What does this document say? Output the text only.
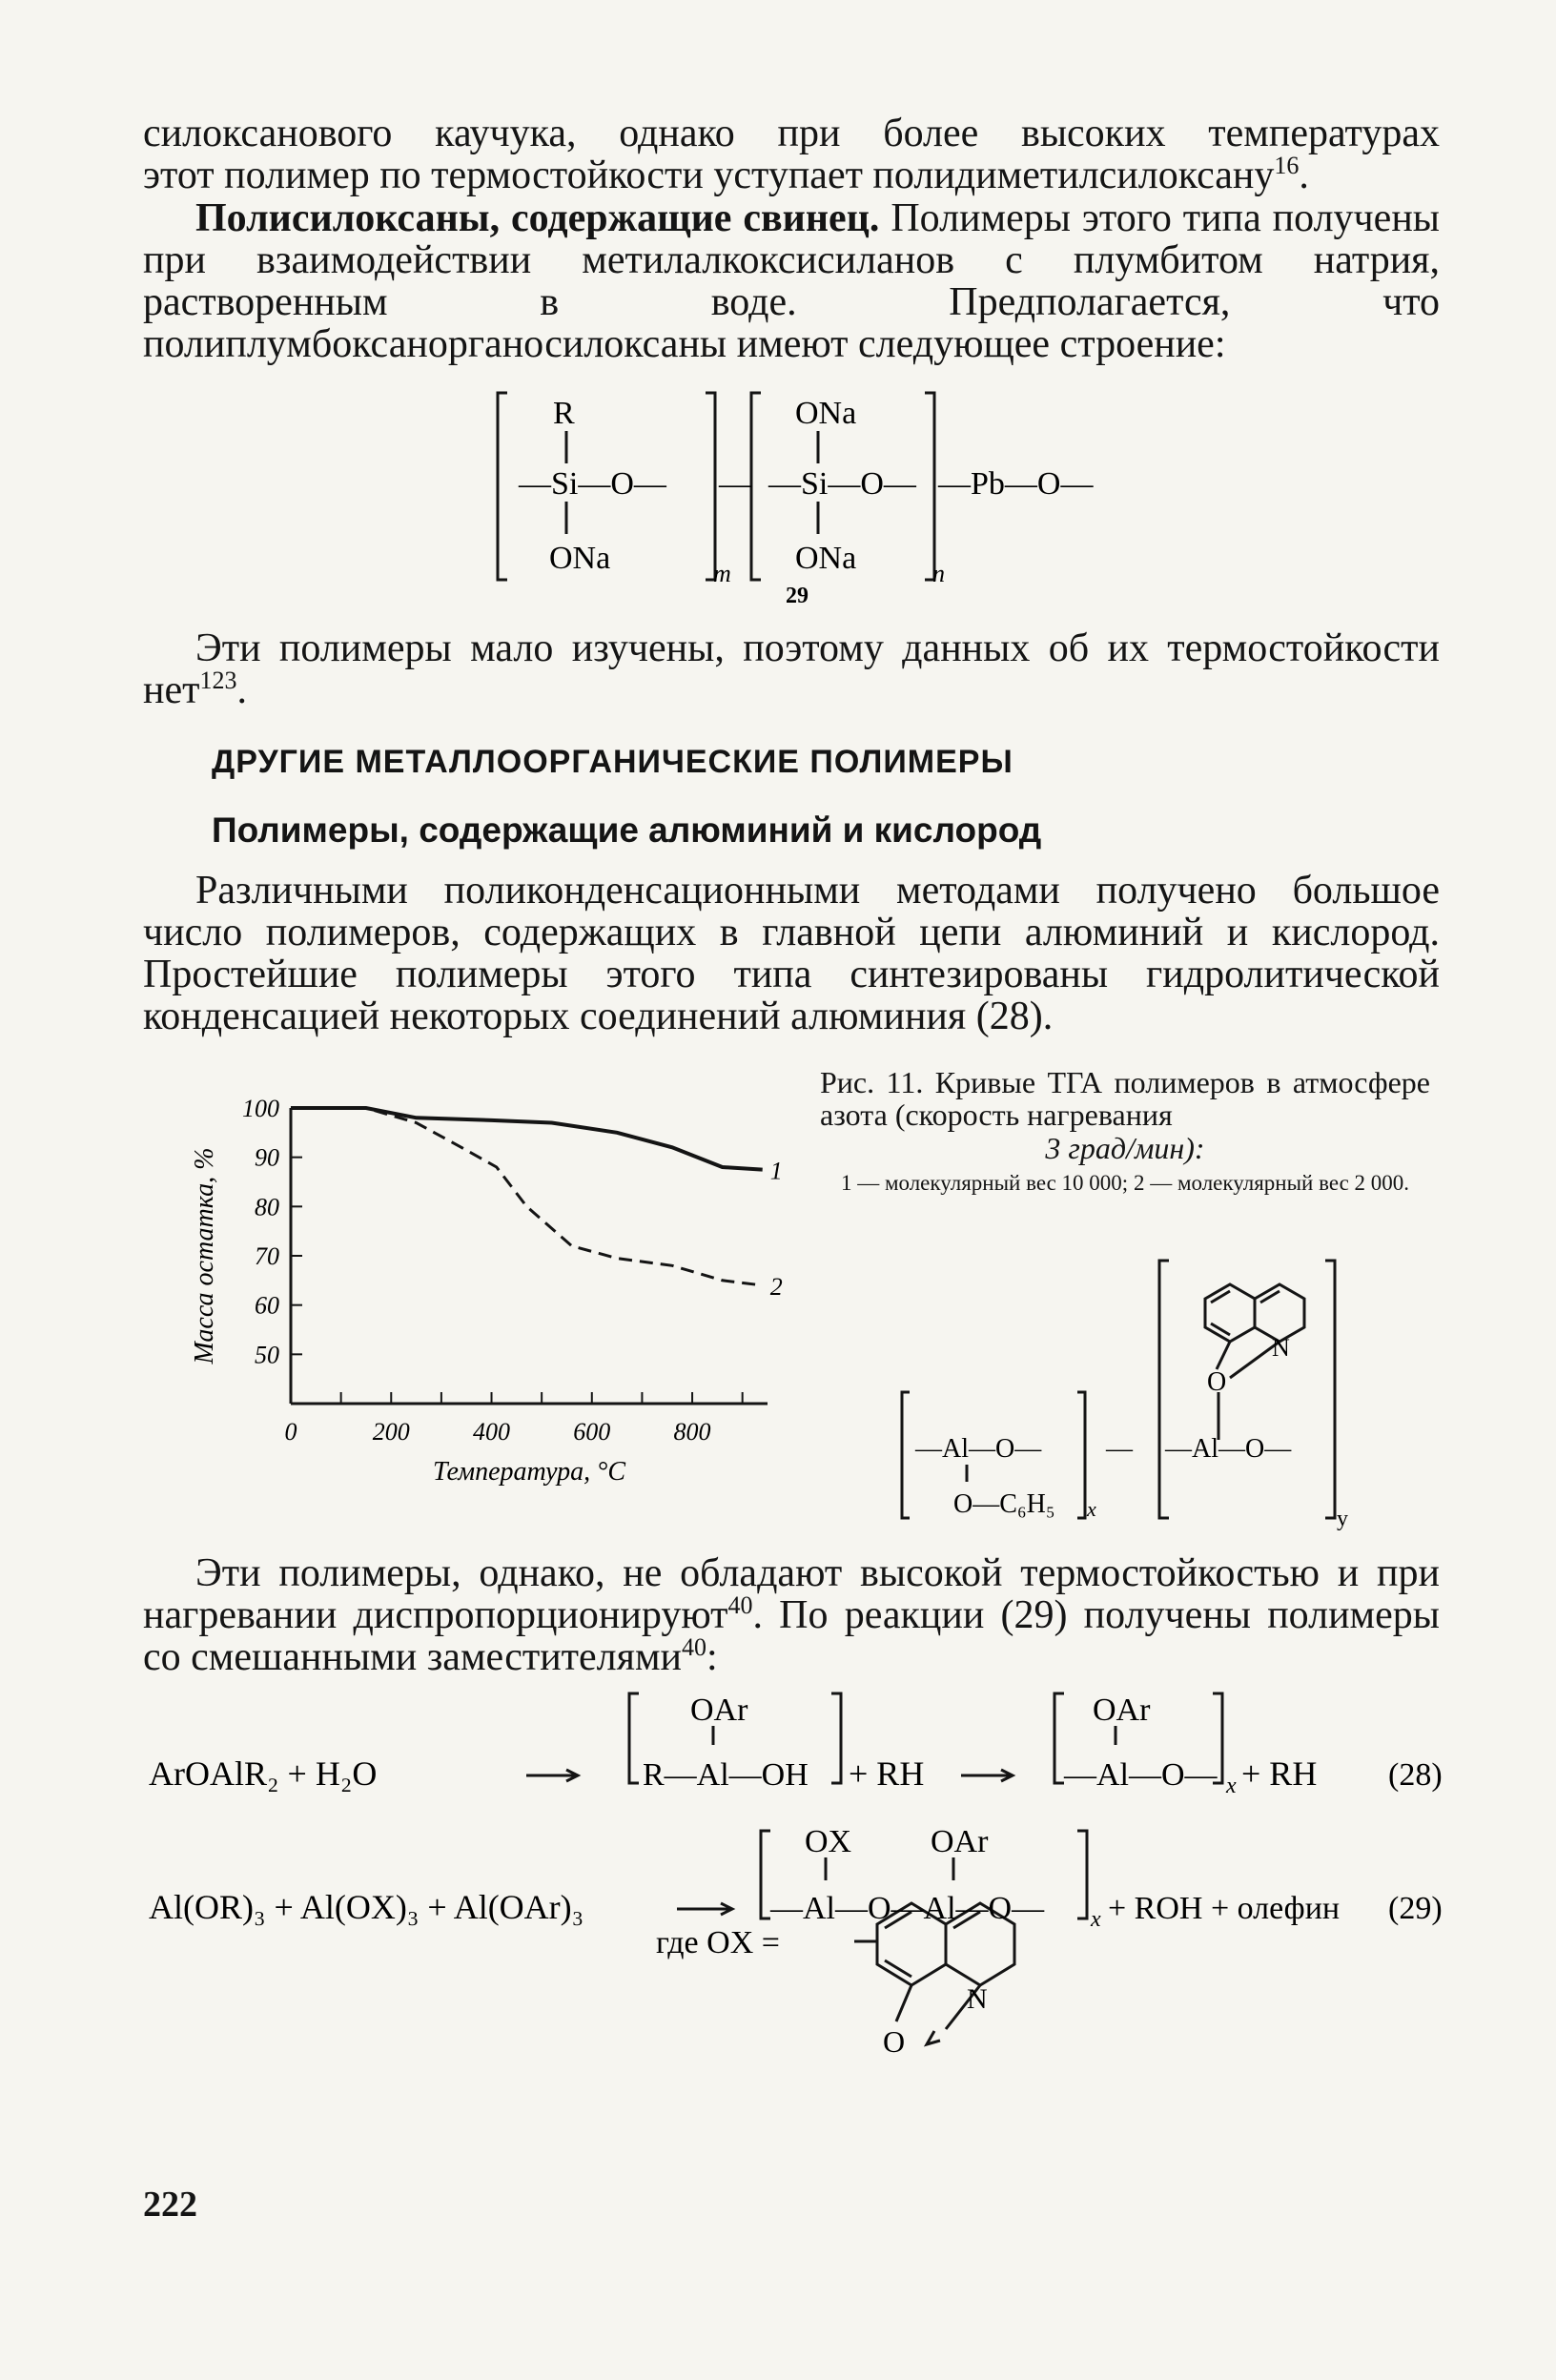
силоксанового каучука, однако при более высоких температурах
этот полимер по термостойкости уступает полидиметилсилоксану$^{16}$.
Полисилоксаны, содержащие свинец. Полимеры этого типа получены при взаимодействии метилалкоксисиланов с плумбитом натрия, растворенным в воде. Предполагается, что полиплумбоксанорганосилоксаны имеют следующее строение:
R
—Si—O—
ONa	m
—
ONa
—Si—O—
ONa	n
—Pb—O—
29
Эти полимеры мало изучены, поэтому данных об их термостойкости нет$^{123}$.
ДРУГИЕ МЕТАЛЛООРГАНИЧЕСКИЕ ПОЛИМЕРЫ
Полимеры, содержащие алюминий и кислород
Различными поликонденсационными методами получено большое число полимеров, содержащих в главной цепи алюминий и кислород. Простейшие полимеры этого типа синтезированы гидролитической конденсацией некоторых соединений алюминия (28).
100
90
80
70
60
50
0	200	400	600	800
Температура, °С
Масса остатка, %	1
2
Рис. 11. Кривые ТГА полимеров в атмосфере азота (скорость нагревания
3 град/мин):
1 — молекулярный вес 10 000; 2 — молекулярный вес 2 000.
N
O
—Al—O—
O—C₆H₅ x
— —Al—O—
y
Эти полимеры, однако, не обладают высокой термостойкостью и при нагревании диспропорционируют$^{40}$. По реакции (29) получены полимеры со смешанными заместителями$^{40}$:
ArOAlR₂ + H₂O
OAr
R—Al—OH + RH
OAr
—Al—O— x + RH (28)
Al(OR)₃ + Al(OX)₃ + Al(OAr)₃
OX OAr
—Al—O—Al—O— x + ROH + олефин (29)
где OX =
N
O
222
